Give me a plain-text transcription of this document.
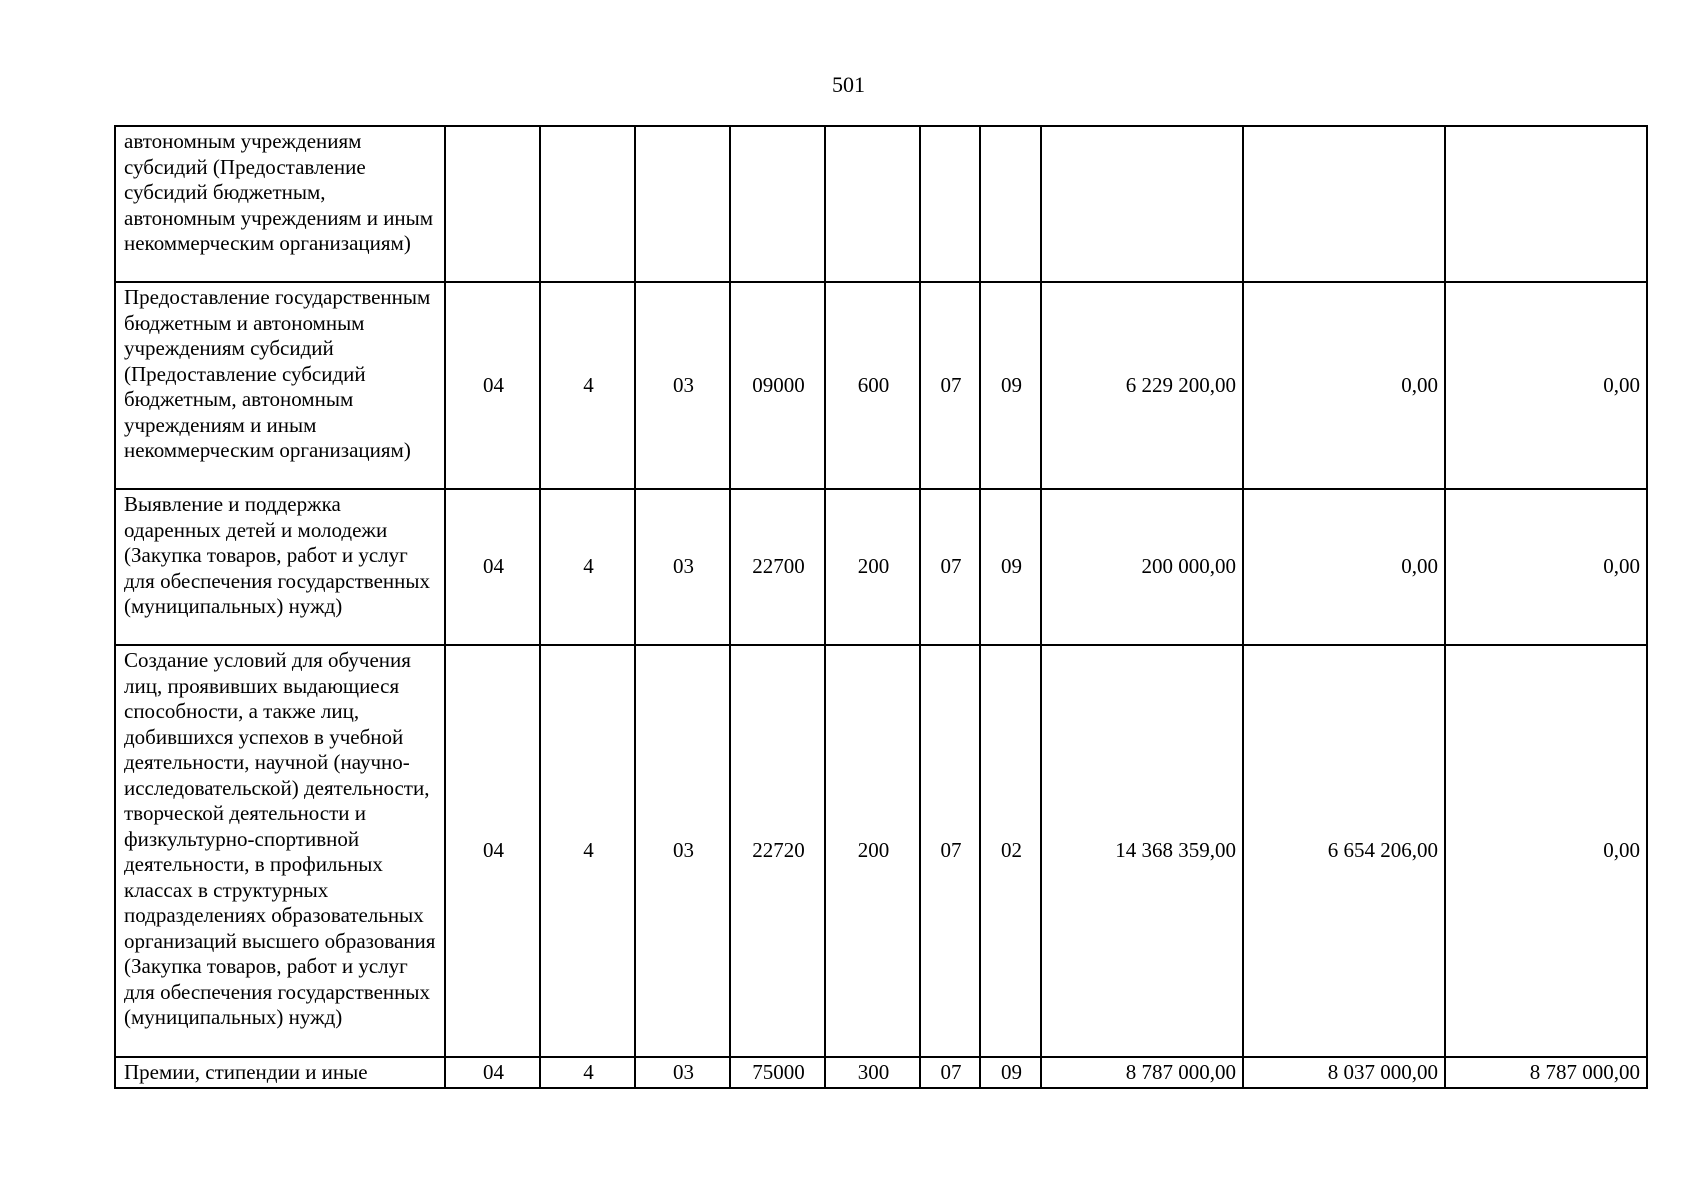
501
автономным учреждениям субсидий (Предоставление субсидий бюджетным, автономным учреждениям и иным некоммерческим организациям)										
Предоставление государственным бюджетным и автономным учреждениям субсидий (Предоставление субсидий бюджетным, автономным учреждениям и иным некоммерческим организациям)	04	4	03	09000	600	07	09	6 229 200,00	0,00	0,00
Выявление и поддержка одаренных детей и молодежи (Закупка товаров, работ и услуг для обеспечения государственных (муниципальных) нужд)	04	4	03	22700	200	07	09	200 000,00	0,00	0,00
Создание условий для обучения лиц, проявивших выдающиеся способности, а также лиц, добившихся успехов в учебной деятельности, научной (научно-исследовательской) деятельности, творческой деятельности и физкультурно-спортивной деятельности, в профильных классах в структурных подразделениях образовательных организаций высшего образования (Закупка товаров, работ и услуг для обеспечения государственных (муниципальных) нужд)	04	4	03	22720	200	07	02	14 368 359,00	6 654 206,00	0,00
Премии, стипендии и иные	04	4	03	75000	300	07	09	8 787 000,00	8 037 000,00	8 787 000,00
